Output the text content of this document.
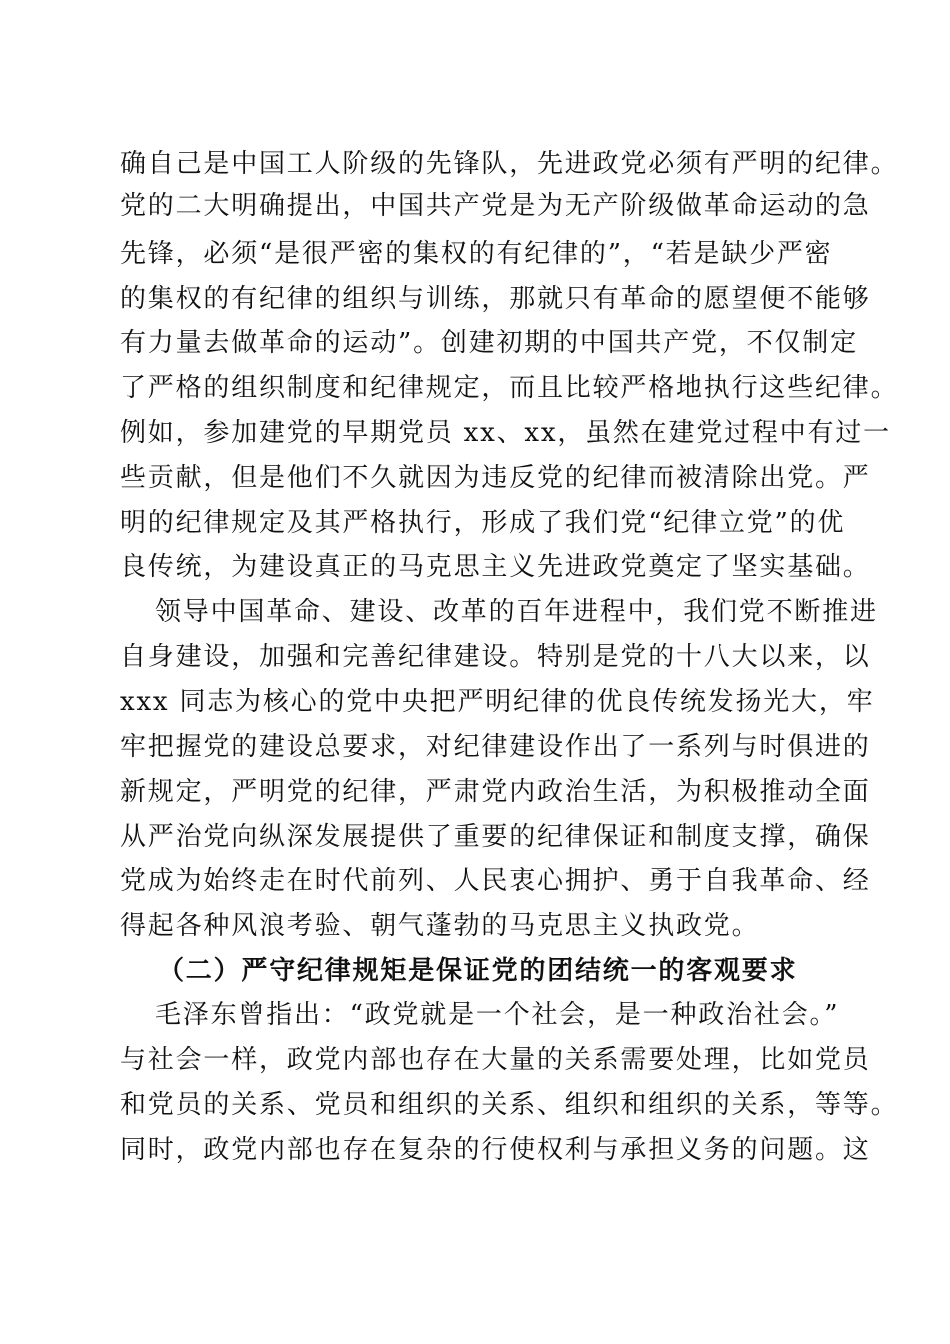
确自己是中国工人阶级的先锋队，先进政党必须有严明的纪律。
党的二大明确提出，中国共产党是为无产阶级做革命运动的急
先锋，必须“是很严密的集权的有纪律的”，“若是缺少严密
的集权的有纪律的组织与训练，那就只有革命的愿望便不能够
有力量去做革命的运动”。创建初期的中国共产党，不仅制定
了严格的组织制度和纪律规定，而且比较严格地执行这些纪律。
例如，参加建党的早期党员 xx、xx，虽然在建党过程中有过一
些贡献，但是他们不久就因为违反党的纪律而被清除出党。严
明的纪律规定及其严格执行，形成了我们党“纪律立党”的优
良传统，为建设真正的马克思主义先进政党奠定了坚实基础。
领导中国革命、建设、改革的百年进程中，我们党不断推进
自身建设，加强和完善纪律建设。特别是党的十八大以来，以
xxx 同志为核心的党中央把严明纪律的优良传统发扬光大，牢
牢把握党的建设总要求，对纪律建设作出了一系列与时俱进的
新规定，严明党的纪律，严肃党内政治生活，为积极推动全面
从严治党向纵深发展提供了重要的纪律保证和制度支撑，确保
党成为始终走在时代前列、人民衷心拥护、勇于自我革命、经
得起各种风浪考验、朝气蓬勃的马克思主义执政党。
（二）严守纪律规矩是保证党的团结统一的客观要求
毛泽东曾指出：“政党就是一个社会，是一种政治社会。”
与社会一样，政党内部也存在大量的关系需要处理，比如党员
和党员的关系、党员和组织的关系、组织和组织的关系，等等。
同时，政党内部也存在复杂的行使权利与承担义务的问题。这
